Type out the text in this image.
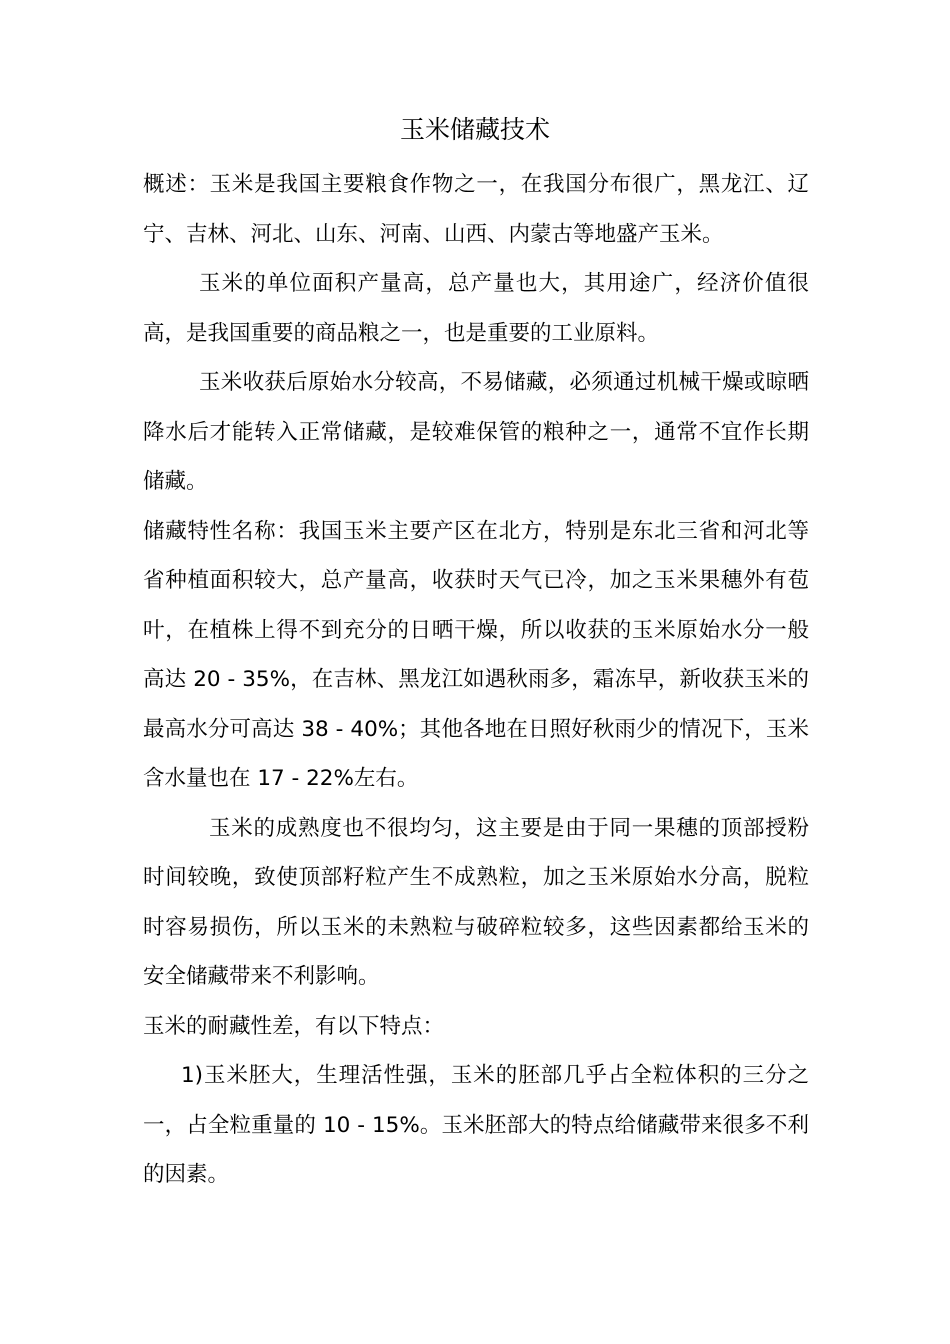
玉米储藏技术

概述：玉米是我国主要粮食作物之一，在我国分布很广，黑龙江、辽宁、吉林、河北、山东、河南、山西、内蒙古等地盛产玉米。

玉米的单位面积产量高，总产量也大，其用途广，经济价值很高，是我国重要的商品粮之一，也是重要的工业原料。

玉米收获后原始水分较高，不易储藏，必须通过机械干燥或晾晒降水后才能转入正常储藏，是较难保管的粮种之一，通常不宜作长期储藏。

储藏特性名称：我国玉米主要产区在北方，特别是东北三省和河北等省种植面积较大，总产量高，收获时天气已冷，加之玉米果穗外有苞叶，在植株上得不到充分的日晒干燥，所以收获的玉米原始水分一般高达 20 - 35%，在吉林、黑龙江如遇秋雨多，霜冻早，新收获玉米的最高水分可高达 38 - 40%；其他各地在日照好秋雨少的情况下，玉米含水量也在 17 - 22%左右。

玉米的成熟度也不很均匀，这主要是由于同一果穗的顶部授粉时间较晚，致使顶部籽粒产生不成熟粒，加之玉米原始水分高，脱粒时容易损伤，所以玉米的未熟粒与破碎粒较多，这些因素都给玉米的安全储藏带来不利影响。

玉米的耐藏性差，有以下特点：

1)玉米胚大，生理活性强，玉米的胚部几乎占全粒体积的三分之一，占全粒重量的 10 - 15%。玉米胚部大的特点给储藏带来很多不利的因素。
